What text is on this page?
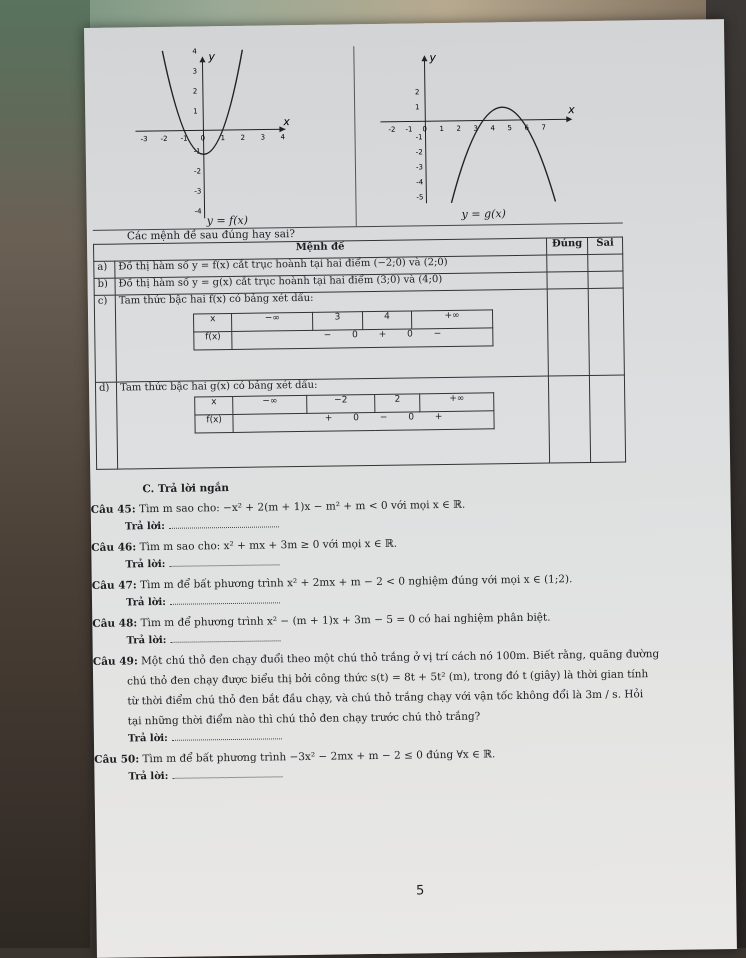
y
x
-3 -2 -1 0 1 2 3 4
4
3
2
1
-1
-2
-3
-4
y = f(x)
y
x
-2 -1 0 1 2 3 4 5 6 7
2
1
-1
-2
-3
-4
-5
y = g(x)
Các mệnh đề sau đúng hay sai?
Mệnh đề	Đúng	Sai
a)	Đồ thị hàm số y = f(x) cắt trục hoành tại hai điểm (−2;0) và (2;0)		
b)	Đồ thị hàm số y = g(x) cắt trục hoành tại hai điểm (3;0) và (4;0)		
c)	Tam thức bậc hai f(x) có bảng xét dấu:
x	−∞	3	4	+∞
f(x)	− 0 + 0 −

d)	Tam thức bậc hai g(x) có bảng xét dấu:
x	−∞	−2	2	+∞
f(x)	+ 0 − 0 +

C. Trả lời ngắn
Câu 45: Tìm m sao cho: −x² + 2(m + 1)x − m² + m < 0 với mọi x ∈ ℝ.
Trả lời:
Câu 46: Tìm m sao cho: x² + mx + 3m ≥ 0 với mọi x ∈ ℝ.
Trả lời:
Câu 47: Tìm m để bất phương trình x² + 2mx + m − 2 < 0 nghiệm đúng với mọi x ∈ (1;2).
Trả lời:
Câu 48: Tìm m để phương trình x² − (m + 1)x + 3m − 5 = 0 có hai nghiệm phân biệt.
Trả lời:
Câu 49: Một chú thỏ đen chạy đuổi theo một chú thỏ trắng ở vị trí cách nó 100m. Biết rằng, quãng đường
chú thỏ đen chạy được biểu thị bởi công thức s(t) = 8t + 5t² (m), trong đó t (giây) là thời gian tính
từ thời điểm chú thỏ đen bắt đầu chạy, và chú thỏ trắng chạy với vận tốc không đổi là 3m / s. Hỏi
tại những thời điểm nào thì chú thỏ đen chạy trước chú thỏ trắng?
Trả lời:
Câu 50: Tìm m để bất phương trình −3x² − 2mx + m − 2 ≤ 0 đúng ∀x ∈ ℝ.
Trả lời:
5
